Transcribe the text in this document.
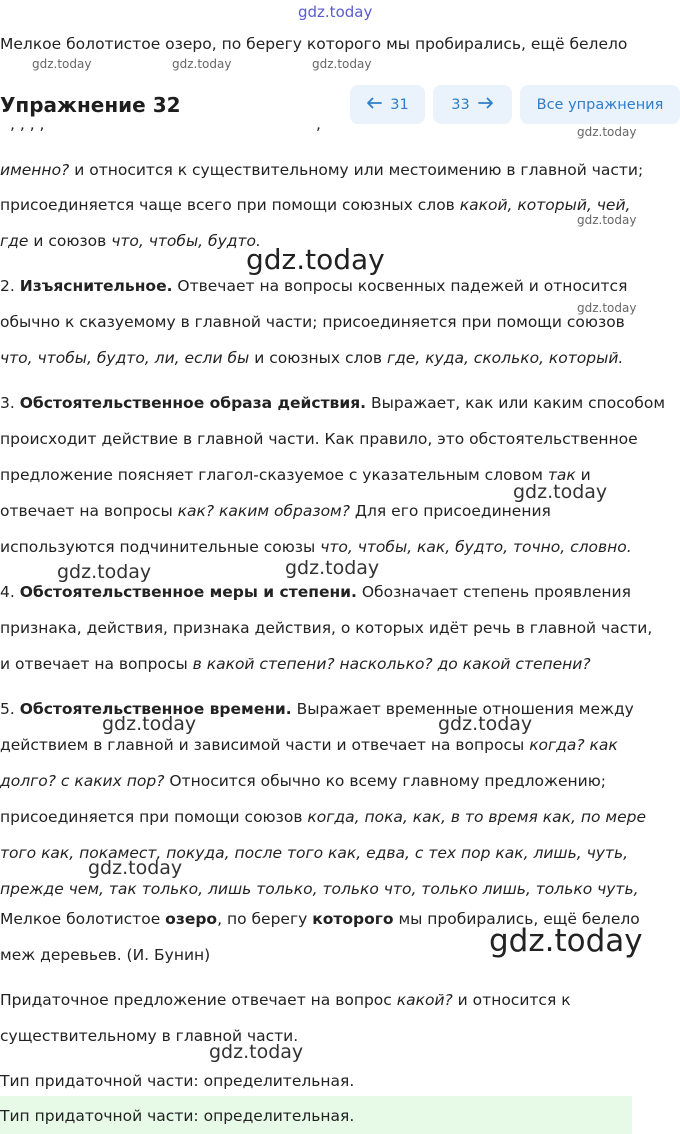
gdz.today
gdz.today	gdz.today	gdz.today
gdz.today
gdz.today
gdz.today
gdz.today
gdz.today
gdz.today	gdz.today
gdz.today	gdz.today
gdz.today
gdz.today
gdz.today
Мелкое болотистое озеро, по берегу которого мы пробирались, ещё белело
Упражнение 32	31	33	Все упражнения
, , , ,	,
именно? и относится к существительному или местоимению в главной части;
присоединяется чаще всего при помощи союзных слов какой, который, чей,
где и союзов что, чтобы, будто.
2. Изъяснительное. Отвечает на вопросы косвенных падежей и относится
обычно к сказуемому в главной части; присоединяется при помощи союзов
что, чтобы, будто, ли, если бы и союзных слов где, куда, сколько, который.
3. Обстоятельственное образа действия. Выражает, как или каким способом
происходит действие в главной части. Как правило, это обстоятельственное
предложение поясняет глагол-сказуемое с указательным словом так и
отвечает на вопросы как? каким образом? Для его присоединения
используются подчинительные союзы что, чтобы, как, будто, точно, словно.
4. Обстоятельственное меры и степени. Обозначает степень проявления
признака, действия, признака действия, о которых идёт речь в главной части,
и отвечает на вопросы в какой степени? насколько? до какой степени?
5. Обстоятельственное времени. Выражает временные отношения между
действием в главной и зависимой части и отвечает на вопросы когда? как
долго? с каких пор? Относится обычно ко всему главному предложению;
присоединяется при помощи союзов когда, пока, как, в то время как, по мере
того как, покамест, покуда, после того как, едва, с тех пор как, лишь, чуть,
прежде чем, так только, лишь только, только что, только лишь, только чуть,
Мелкое болотистое озеро, по берегу которого мы пробирались, ещё белело
меж деревьев. (И. Бунин)
Придаточное предложение отвечает на вопрос какой? и относится к
существительному в главной части.
Тип придаточной части: определительная.
Тип придаточной части: определительная.
